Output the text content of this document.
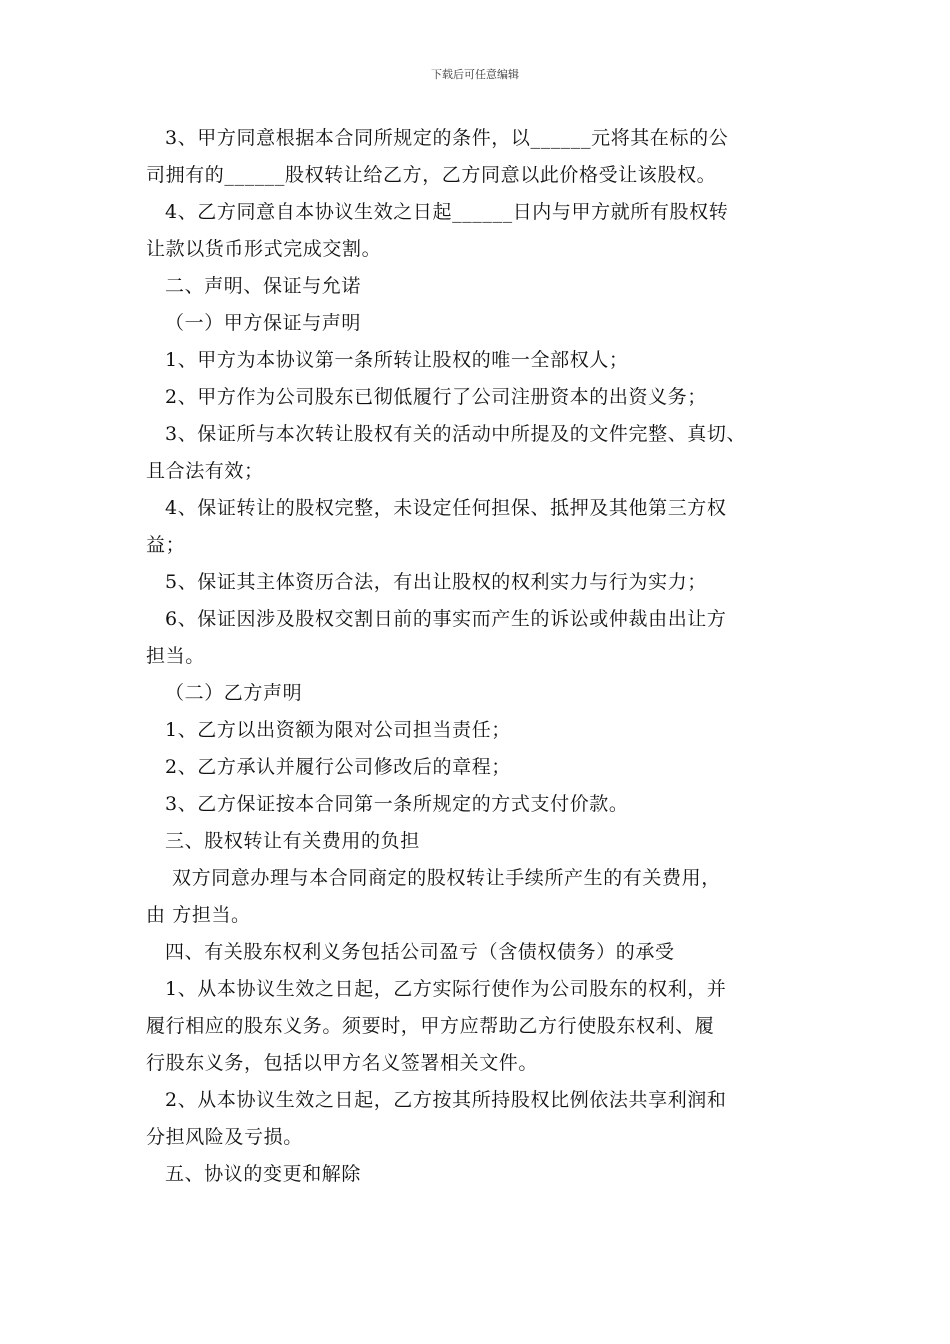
下载后可任意编辑
3、甲方同意根据本合同所规定的条件，以______元将其在标的公
司拥有的______股权转让给乙方，乙方同意以此价格受让该股权。
4、乙方同意自本协议生效之日起______日内与甲方就所有股权转
让款以货币形式完成交割。
二、声明、保证与允诺
（一）甲方保证与声明
1、甲方为本协议第一条所转让股权的唯一全部权人；
2、甲方作为公司股东已彻低履行了公司注册资本的出资义务；
3、保证所与本次转让股权有关的活动中所提及的文件完整、真切、
且合法有效；
4、保证转让的股权完整，未设定任何担保、抵押及其他第三方权
益；
5、保证其主体资历合法，有出让股权的权利实力与行为实力；
6、保证因涉及股权交割日前的事实而产生的诉讼或仲裁由出让方
担当。
（二）乙方声明
1、乙方以出资额为限对公司担当责任；
2、乙方承认并履行公司修改后的章程；
3、乙方保证按本合同第一条所规定的方式支付价款。
三、股权转让有关费用的负担
双方同意办理与本合同商定的股权转让手续所产生的有关费用，
由 方担当。
四、有关股东权利义务包括公司盈亏（含债权债务）的承受
1、从本协议生效之日起，乙方实际行使作为公司股东的权利，并
履行相应的股东义务。须要时，甲方应帮助乙方行使股东权利、履
行股东义务，包括以甲方名义签署相关文件。
2、从本协议生效之日起，乙方按其所持股权比例依法共享利润和
分担风险及亏损。
五、协议的变更和解除
